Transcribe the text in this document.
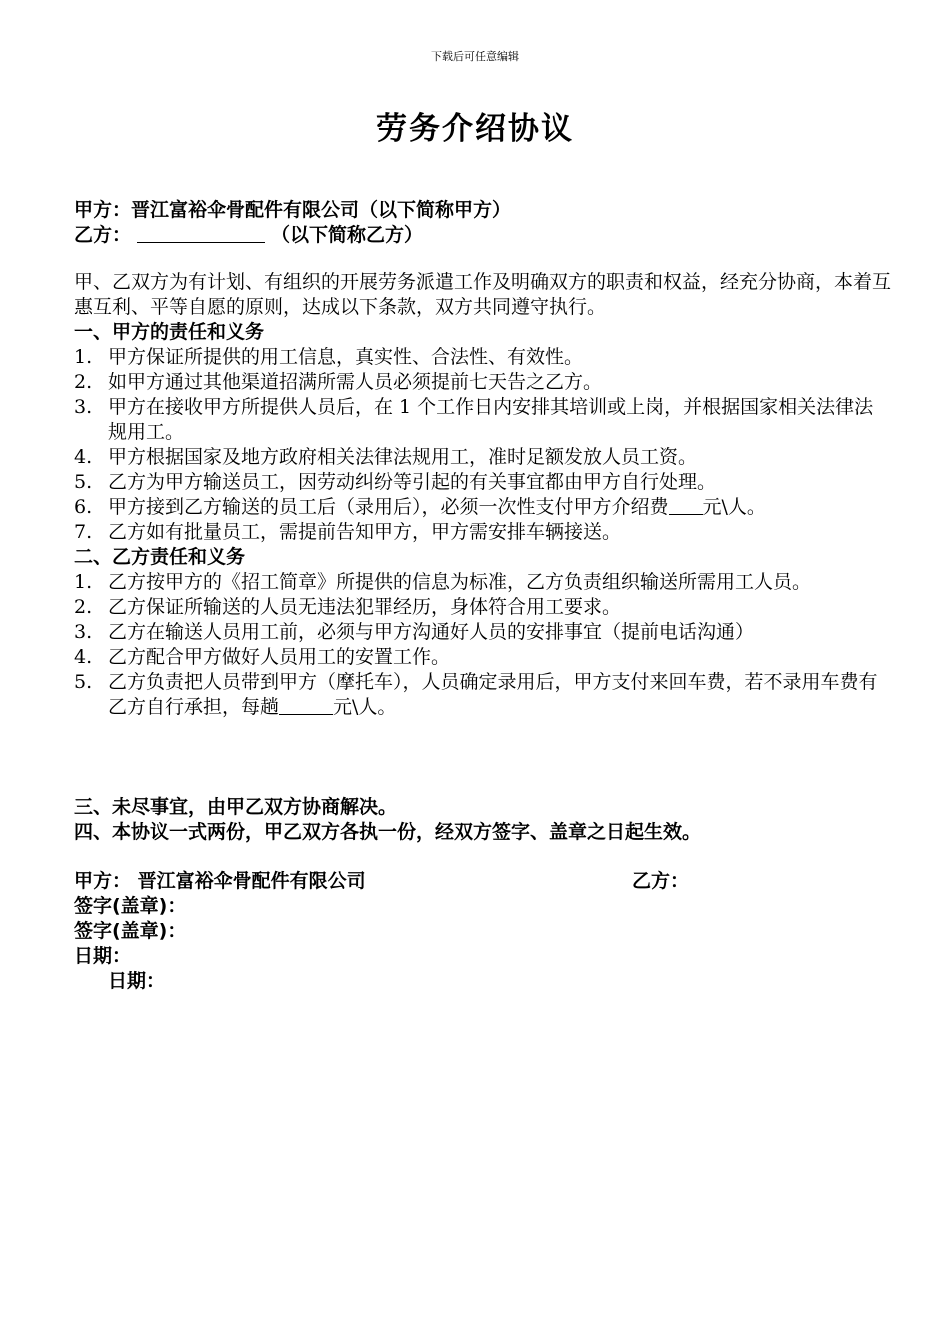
下载后可任意编辑
劳务介绍协议
甲方：晋江富裕伞骨配件有限公司（以下简称甲方）
乙方：	（以下简称乙方）
甲、乙双方为有计划、有组织的开展劳务派遣工作及明确双方的职责和权益，经充分协商，本着互惠互利、平等自愿的原则，达成以下条款，双方共同遵守执行。
一、甲方的责任和义务
1. 甲方保证所提供的用工信息，真实性、合法性、有效性。
2. 如甲方通过其他渠道招满所需人员必须提前七天告之乙方。
3. 甲方在接收甲方所提供人员后，在 1 个工作日内安排其培训或上岗，并根据国家相关法律法规用工。
4. 甲方根据国家及地方政府相关法律法规用工，准时足额发放人员工资。
5. 乙方为甲方输送员工，因劳动纠纷等引起的有关事宜都由甲方自行处理。
6. 甲方接到乙方输送的员工后（录用后），必须一次性支付甲方介绍费 元\人。
7. 乙方如有批量员工，需提前告知甲方，甲方需安排车辆接送。
二、乙方责任和义务
1. 乙方按甲方的《招工简章》所提供的信息为标准，乙方负责组织输送所需用工人员。
2. 乙方保证所输送的人员无违法犯罪经历，身体符合用工要求。
3. 乙方在输送人员用工前，必须与甲方沟通好人员的安排事宜（提前电话沟通）
4. 乙方配合甲方做好人员用工的安置工作。
5. 乙方负责把人员带到甲方（摩托车），人员确定录用后，甲方支付来回车费，若不录用车费有乙方自行承担，每趟	元\人。
三、未尽事宜，由甲乙双方协商解决。
四、本协议一式两份，甲乙双方各执一份，经双方签字、盖章之日起生效。
甲方： 晋江富裕伞骨配件有限公司	乙方：
签字(盖章)：
签字(盖章)：
日期：
日期：
